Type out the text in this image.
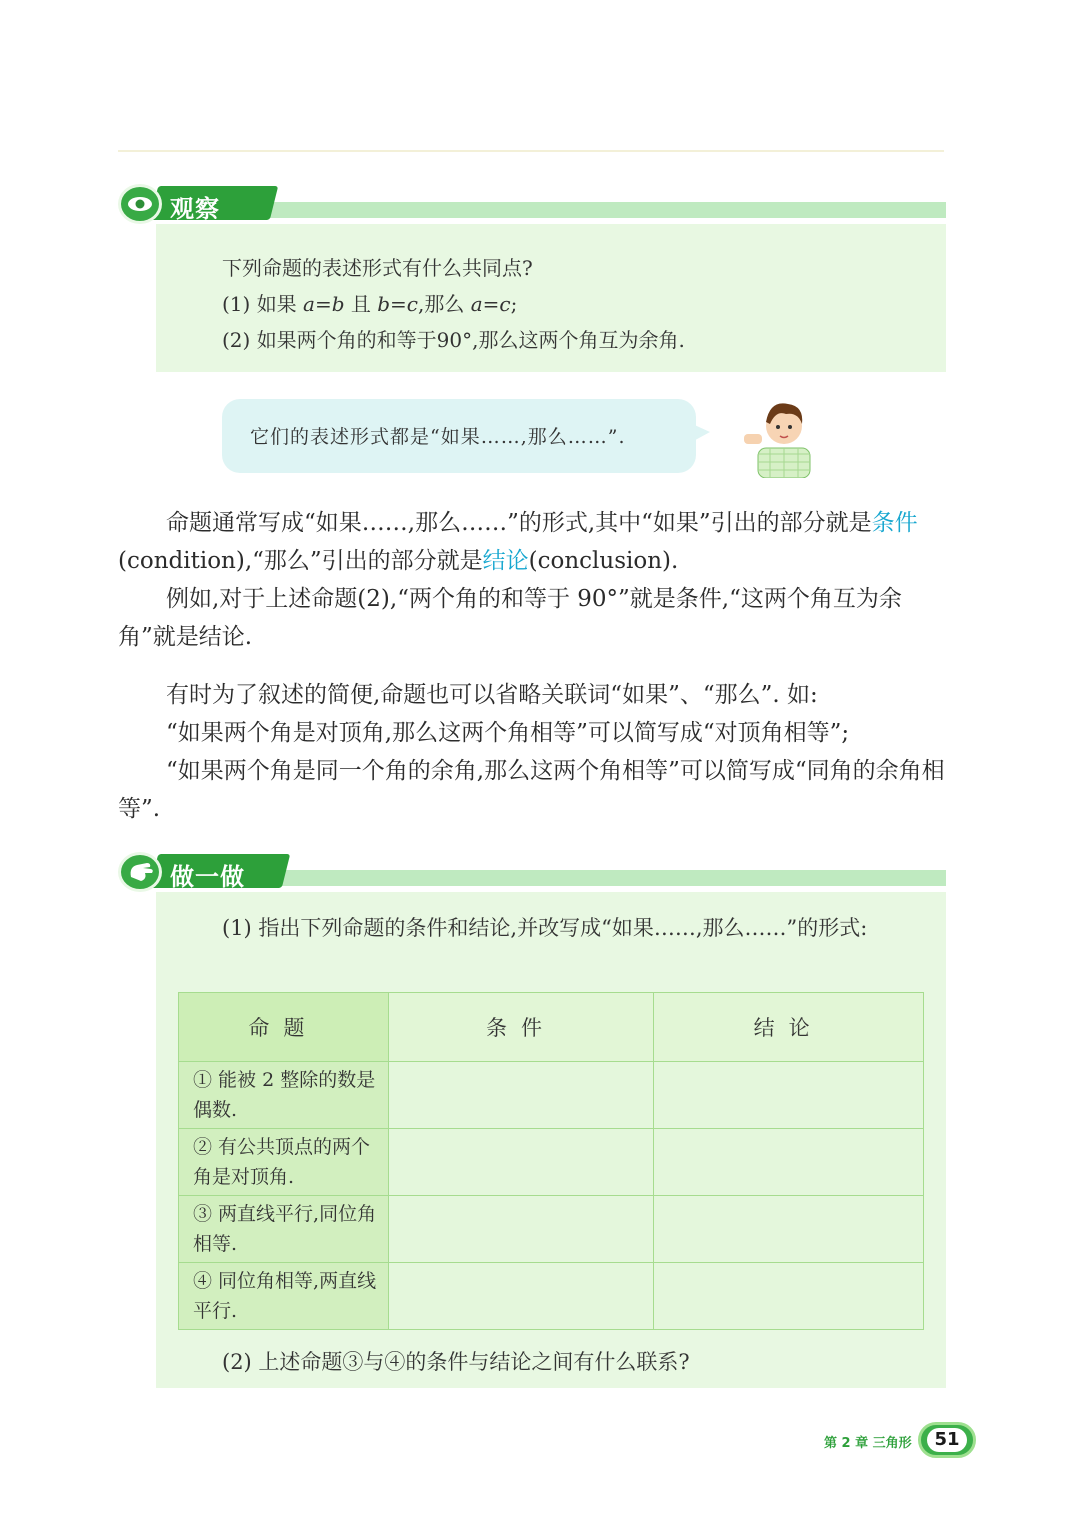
观察
下列命题的表述形式有什么共同点?
(1) 如果 a=b 且 b=c,那么 a=c;
(2) 如果两个角的和等于90°,那么这两个角互为余角.
它们的表述形式都是“如果……,那么……”.
命题通常写成“如果……,那么……”的形式,其中“如果”引出的部分就是条件(condition),“那么”引出的部分就是结论(conclusion).
例如,对于上述命题(2),“两个角的和等于 90°”就是条件,“这两个角互为余角”就是结论.
有时为了叙述的简便,命题也可以省略关联词“如果”、“那么”. 如:
“如果两个角是对顶角,那么这两个角相等”可以简写成“对顶角相等”;
“如果两个角是同一个角的余角,那么这两个角相等”可以简写成“同角的余角相等”.
做一做
(1) 指出下列命题的条件和结论,并改写成“如果……,那么……”的形式:
命题	条件	结论
① 能被 2 整除的数是偶数.		
② 有公共顶点的两个角是对顶角.		
③ 两直线平行,同位角相等.		
④ 同位角相等,两直线平行.		
(2) 上述命题③与④的条件与结论之间有什么联系?
第 2 章 三角形	51
